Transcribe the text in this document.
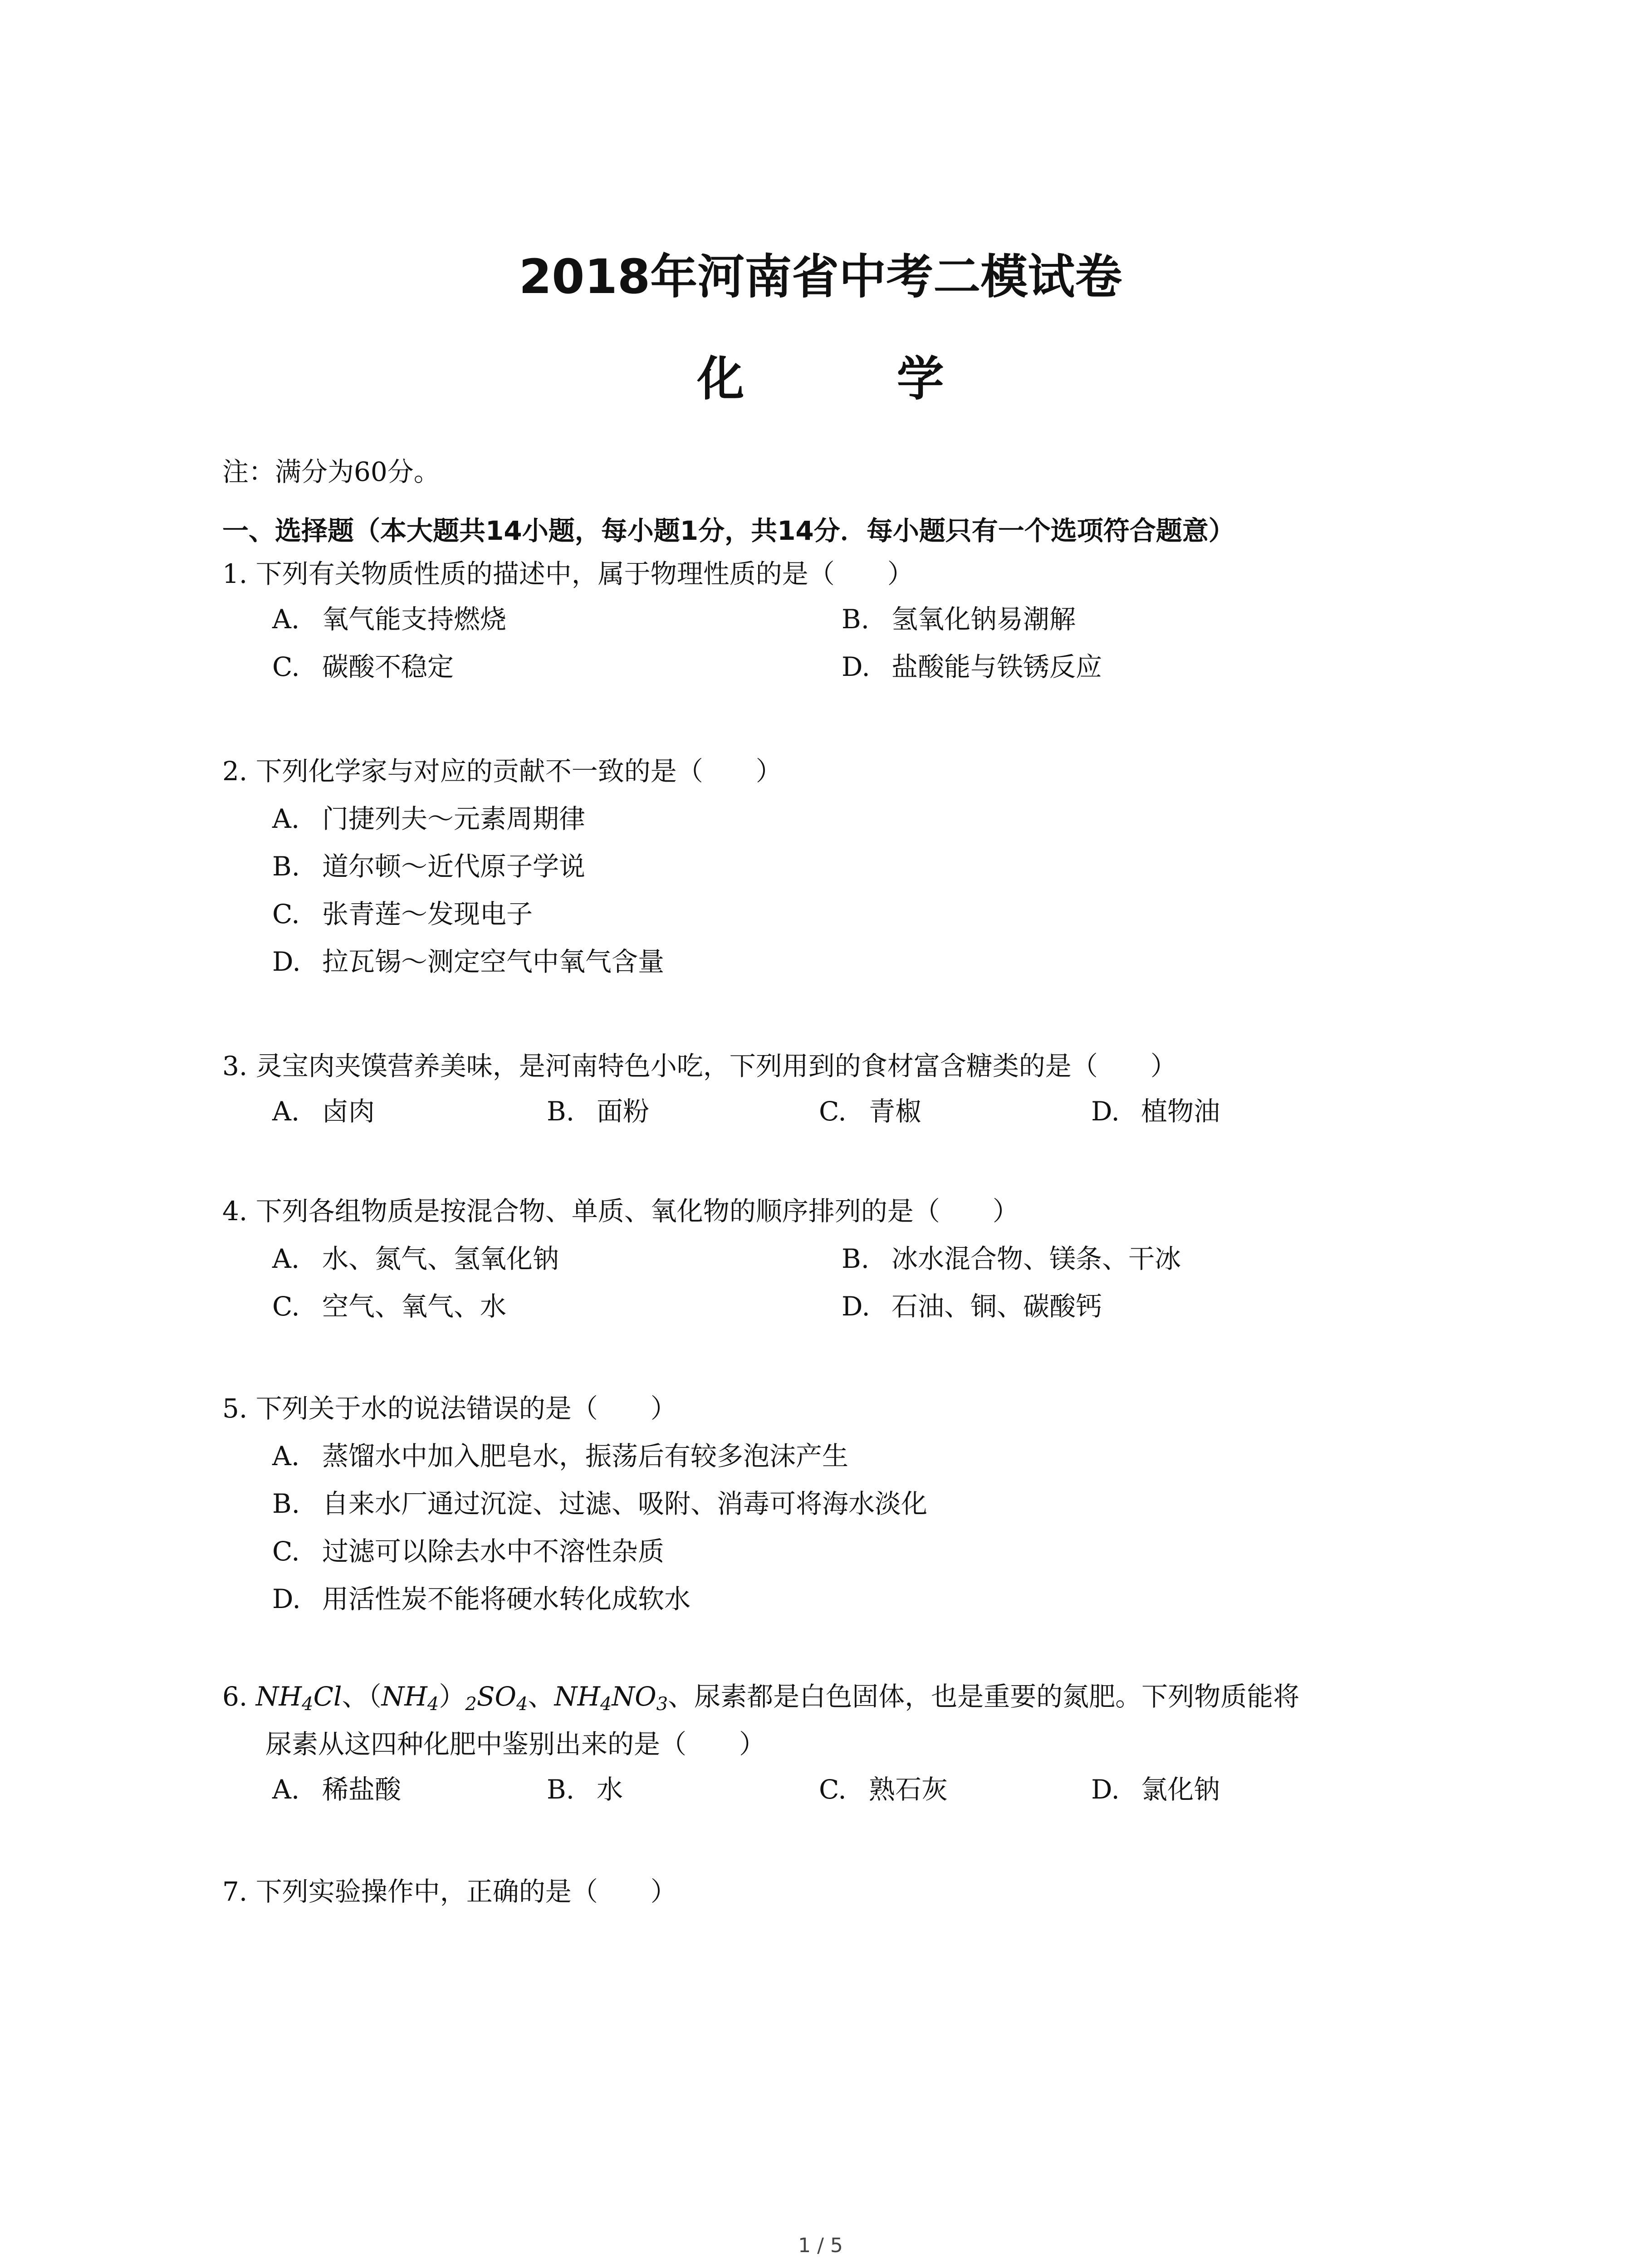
2018年河南省中考二模试卷
化 学
注：满分为60分。
一、选择题（本大题共14小题，每小题1分，共14分．每小题只有一个选项符合题意）
1. 下列有关物质性质的描述中，属于物理性质的是（　　）
A. 氧气能支持燃烧	B. 氢氧化钠易潮解
C. 碳酸不稳定	D. 盐酸能与铁锈反应
2. 下列化学家与对应的贡献不一致的是（　　）
A. 门捷列夫～元素周期律
B. 道尔顿～近代原子学说
C. 张青莲～发现电子
D. 拉瓦锡～测定空气中氧气含量
3. 灵宝肉夹馍营养美味，是河南特色小吃，下列用到的食材富含糖类的是（　　）
A. 卤肉	B. 面粉	C. 青椒	D. 植物油
4. 下列各组物质是按混合物、单质、氧化物的顺序排列的是（　　）
A. 水、氮气、氢氧化钠	B. 冰水混合物、镁条、干冰
C. 空气、氧气、水	D. 石油、铜、碳酸钙
5. 下列关于水的说法错误的是（　　）
A. 蒸馏水中加入肥皂水，振荡后有较多泡沫产生
B. 自来水厂通过沉淀、过滤、吸附、消毒可将海水淡化
C. 过滤可以除去水中不溶性杂质
D. 用活性炭不能将硬水转化成软水
6. $NH_4Cl$、$(NH_4)_2SO_4$、$NH_4NO_3$、尿素都是白色固体，也是重要的氮肥。下列物质能将
尿素从这四种化肥中鉴别出来的是（　　）
A. 稀盐酸	B. 水	C. 熟石灰	D. 氯化钠
7. 下列实验操作中，正确的是（　　）
1 / 5
